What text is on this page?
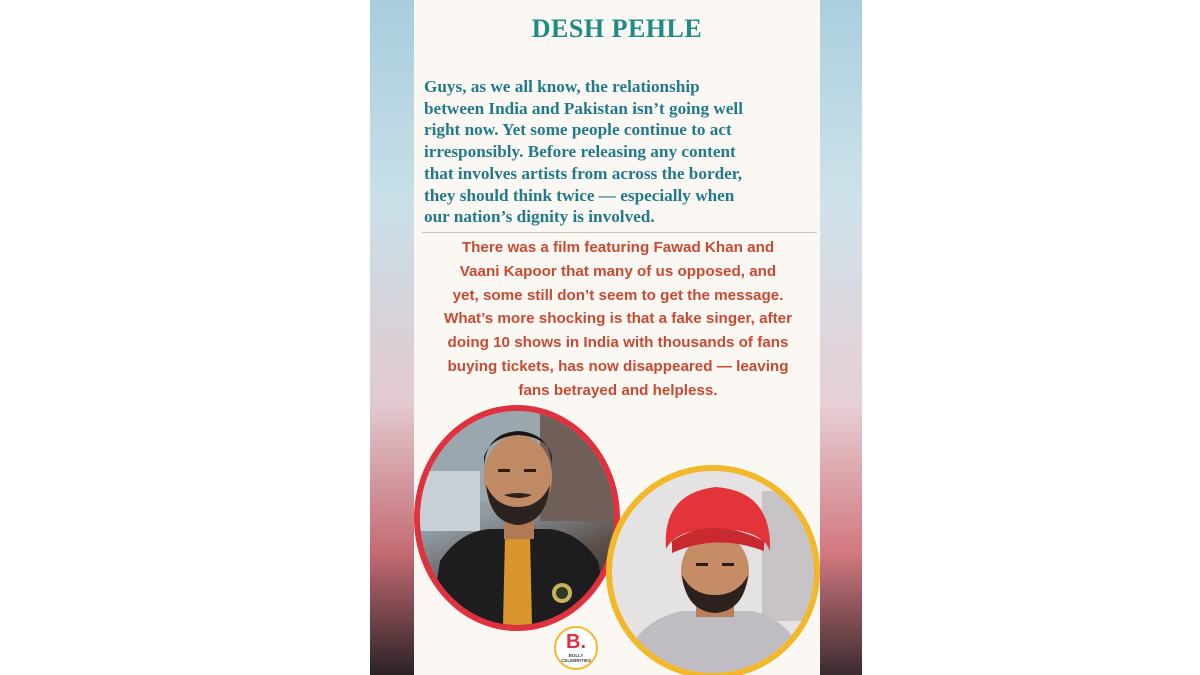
DESH PEHLE
Guys, as we all know, the relationship
between India and Pakistan isn’t going well
right now. Yet some people continue to act
irresponsibly. Before releasing any content
that involves artists from across the border,
they should think twice — especially when
our nation’s dignity is involved.
There was a film featuring Fawad Khan and
Vaani Kapoor that many of us opposed, and
yet, some still don’t seem to get the message.
What’s more shocking is that a fake singer, after
doing 10 shows in India with thousands of fans
buying tickets, has now disappeared — leaving
fans betrayed and helpless.
B.
BOLLY
CELEBRITIES
